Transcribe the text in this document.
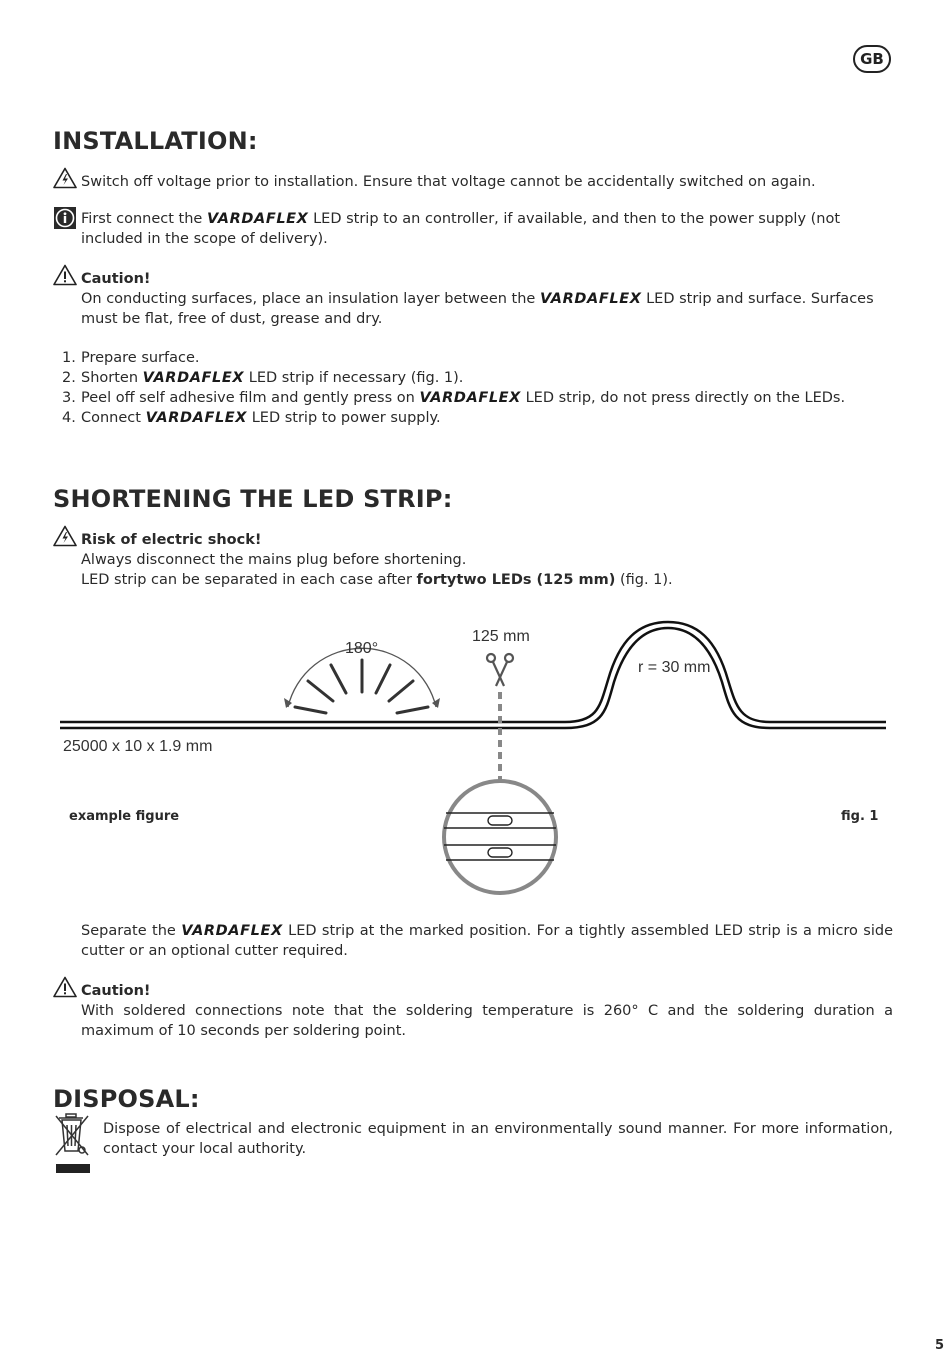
GB
INSTALLATION:

Switch off voltage prior to installation. Ensure that voltage cannot be accidentally switched on again.

First connect the VARDAFLEX LED strip to an controller, if available, and then to the power supply (not included in the scope of delivery).

Caution!

On conducting surfaces, place an insulation layer between the VARDAFLEX LED strip and surface. Surfaces must be flat, free of dust, grease and dry.

1. Prepare surface.
2. Shorten VARDAFLEX LED strip if necessary (fig. 1).
3. Peel off self adhesive film and gently press on VARDAFLEX LED strip, do not press directly on the LEDs.
4. Connect VARDAFLEX LED strip to power supply.
SHORTENING THE LED STRIP:

Risk of electric shock!

Always disconnect the mains plug before shortening.

LED strip can be separated in each case after fortytwo LEDs (125 mm) (fig. 1).

180°
125 mm
r = 30 mm
25000 x 10 x 1.9 mm
example figure	fig. 1

Separate the VARDAFLEX LED strip at the marked position. For a tightly assembled LED strip is a micro side cutter or an optional cutter required.

Caution!

With soldered connections note that the soldering temperature is 260° C and the soldering duration a maximum of 10 seconds per soldering point.

DISPOSAL:

Dispose of electrical and electronic equipment in an environmentally sound manner. For more information, contact your local authority.

5
